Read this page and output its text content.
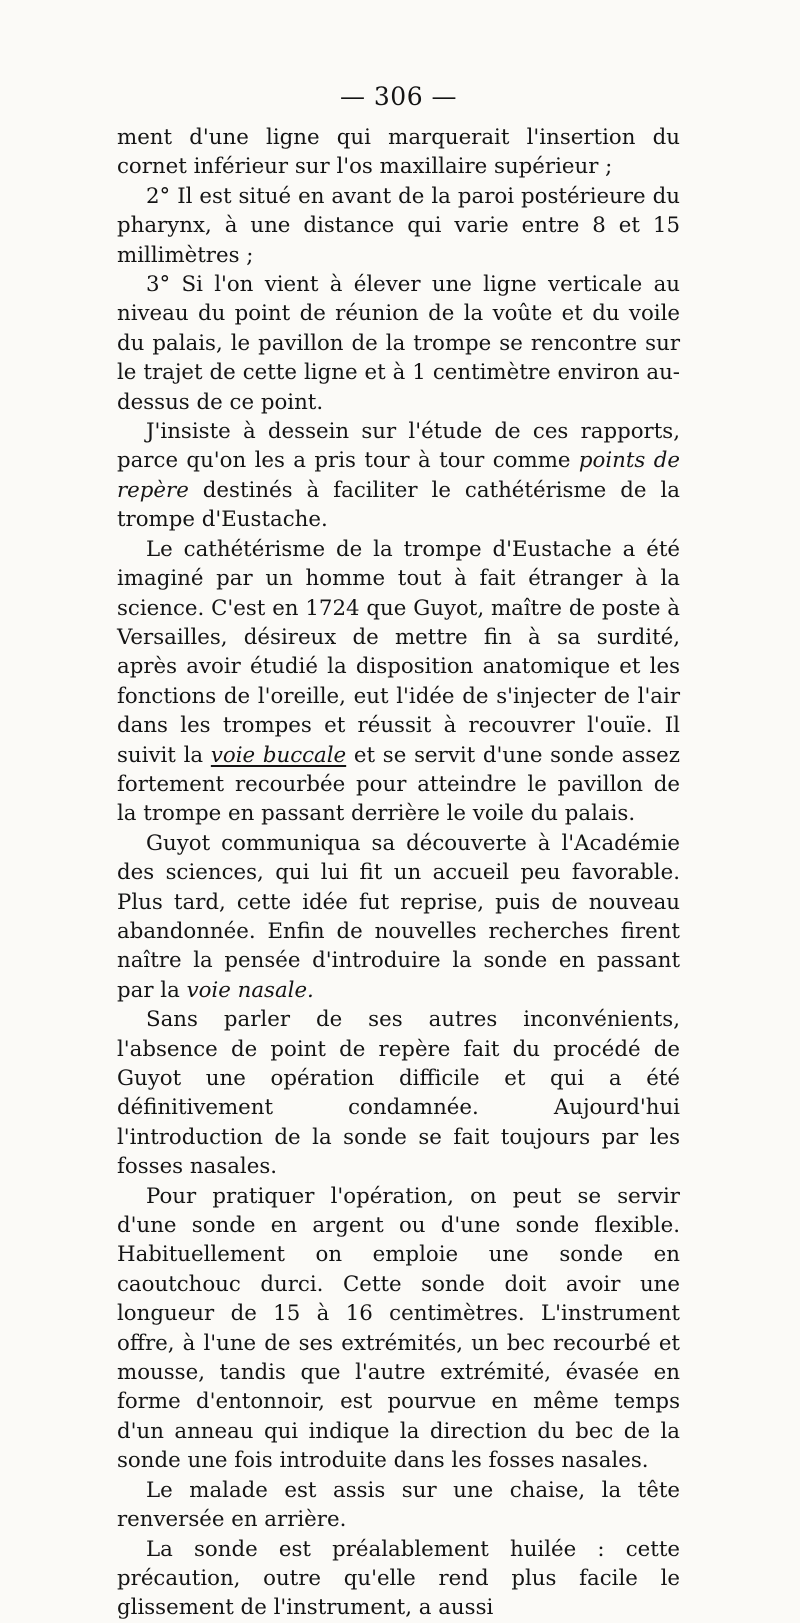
— 306 —

ment d'une ligne qui marquerait l'insertion du cornet inférieur sur l'os maxillaire supérieur ;

2° Il est situé en avant de la paroi postérieure du pharynx, à une distance qui varie entre 8 et 15 millimètres ;

3° Si l'on vient à élever une ligne verticale au niveau du point de réunion de la voûte et du voile du palais, le pavillon de la trompe se rencontre sur le trajet de cette ligne et à 1 centimètre environ au-dessus de ce point.

J'insiste à dessein sur l'étude de ces rapports, parce qu'on les a pris tour à tour comme points de repère destinés à faciliter le cathétérisme de la trompe d'Eustache.

Le cathétérisme de la trompe d'Eustache a été imaginé par un homme tout à fait étranger à la science. C'est en 1724 que Guyot, maître de poste à Versailles, désireux de mettre fin à sa surdité, après avoir étudié la disposition anatomique et les fonctions de l'oreille, eut l'idée de s'injecter de l'air dans les trompes et réussit à recouvrer l'ouïe. Il suivit la voie buccale et se servit d'une sonde assez fortement recourbée pour atteindre le pavillon de la trompe en passant derrière le voile du palais.

Guyot communiqua sa découverte à l'Académie des sciences, qui lui fit un accueil peu favorable. Plus tard, cette idée fut reprise, puis de nouveau abandonnée. Enfin de nouvelles recherches firent naître la pensée d'introduire la sonde en passant par la voie nasale.

Sans parler de ses autres inconvénients, l'absence de point de repère fait du procédé de Guyot une opération difficile et qui a été définitivement condamnée. Aujourd'hui l'introduction de la sonde se fait toujours par les fosses nasales.

Pour pratiquer l'opération, on peut se servir d'une sonde en argent ou d'une sonde flexible. Habituellement on emploie une sonde en caoutchouc durci. Cette sonde doit avoir une longueur de 15 à 16 centimètres. L'instrument offre, à l'une de ses extrémités, un bec recourbé et mousse, tandis que l'autre extrémité, évasée en forme d'entonnoir, est pourvue en même temps d'un anneau qui indique la direction du bec de la sonde une fois introduite dans les fosses nasales.

Le malade est assis sur une chaise, la tête renversée en arrière.

La sonde est préalablement huilée : cette précaution, outre qu'elle rend plus facile le glissement de l'instrument, a aussi
